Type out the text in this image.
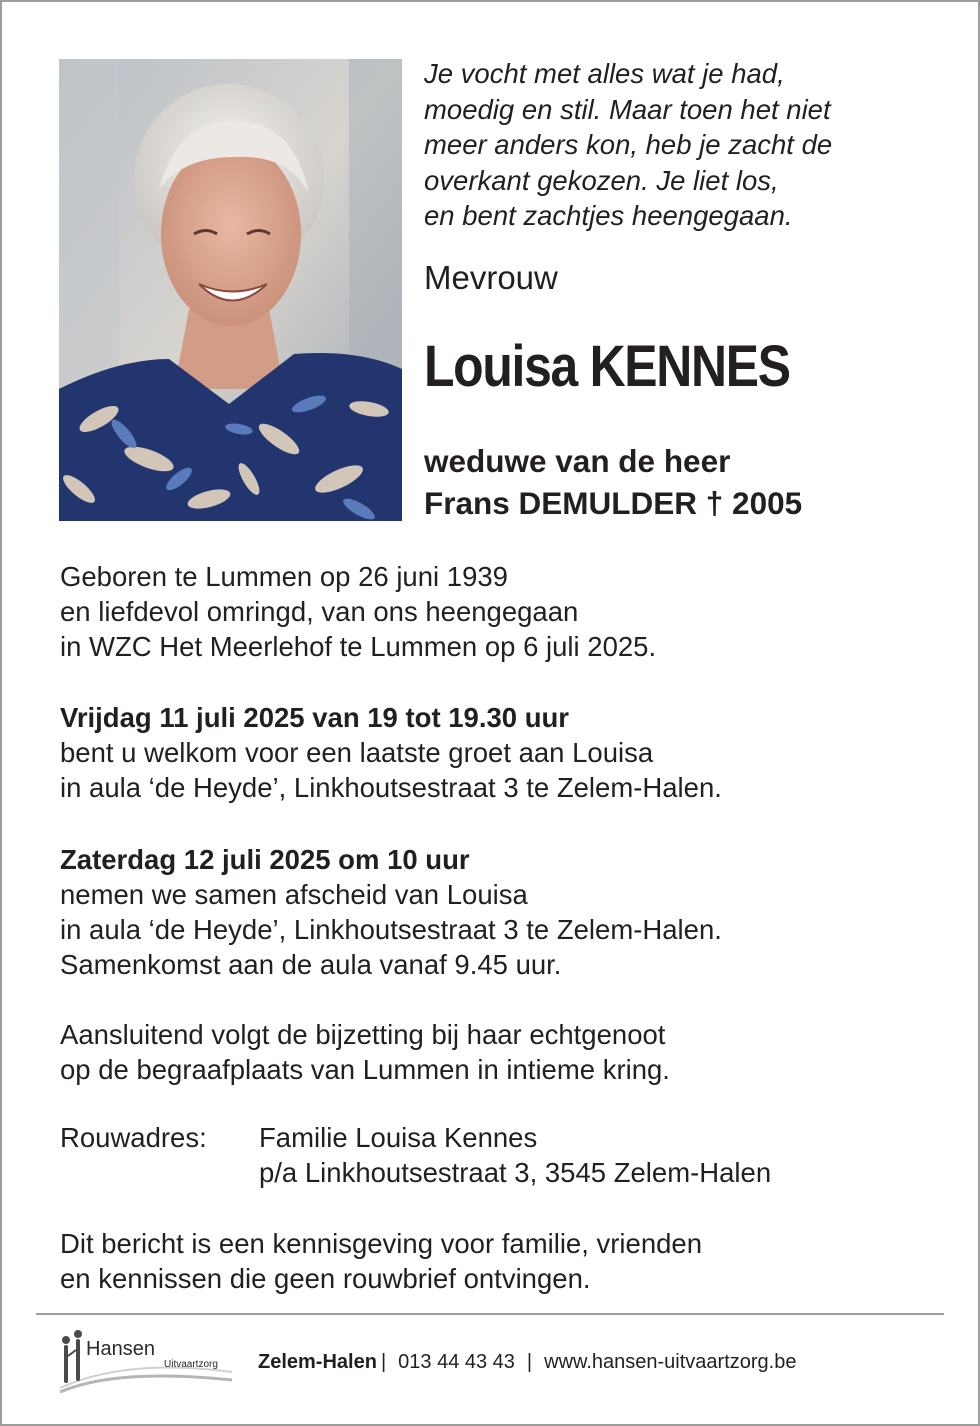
Je vocht met alles wat je had,
moedig en stil. Maar toen het niet
meer anders kon, heb je zacht de
overkant gekozen. Je liet los,
en bent zachtjes heengegaan.
Mevrouw
Louisa KENNES
weduwe van de heer
Frans DEMULDER † 2005
Geboren te Lummen op 26 juni 1939
en liefdevol omringd, van ons heengegaan
in WZC Het Meerlehof te Lummen op 6 juli 2025.
Vrijdag 11 juli 2025 van 19 tot 19.30 uur
bent u welkom voor een laatste groet aan Louisa
in aula ‘de Heyde’, Linkhoutsestraat 3 te Zelem-Halen.
Zaterdag 12 juli 2025 om 10 uur
nemen we samen afscheid van Louisa
in aula ‘de Heyde’, Linkhoutsestraat 3 te Zelem-Halen.
Samenkomst aan de aula vanaf 9.45 uur.
Aansluitend volgt de bijzetting bij haar echtgenoot
op de begraafplaats van Lummen in intieme kring.
Rouwadres: Familie Louisa Kennes
p/a Linkhoutsestraat 3, 3545 Zelem-Halen
Dit bericht is een kennisgeving voor familie, vrienden
en kennissen die geen rouwbrief ontvingen.
Hansen
Uitvaartzorg Zelem-Halen | 013 44 43 43 | www.hansen-uitvaartzorg.be
